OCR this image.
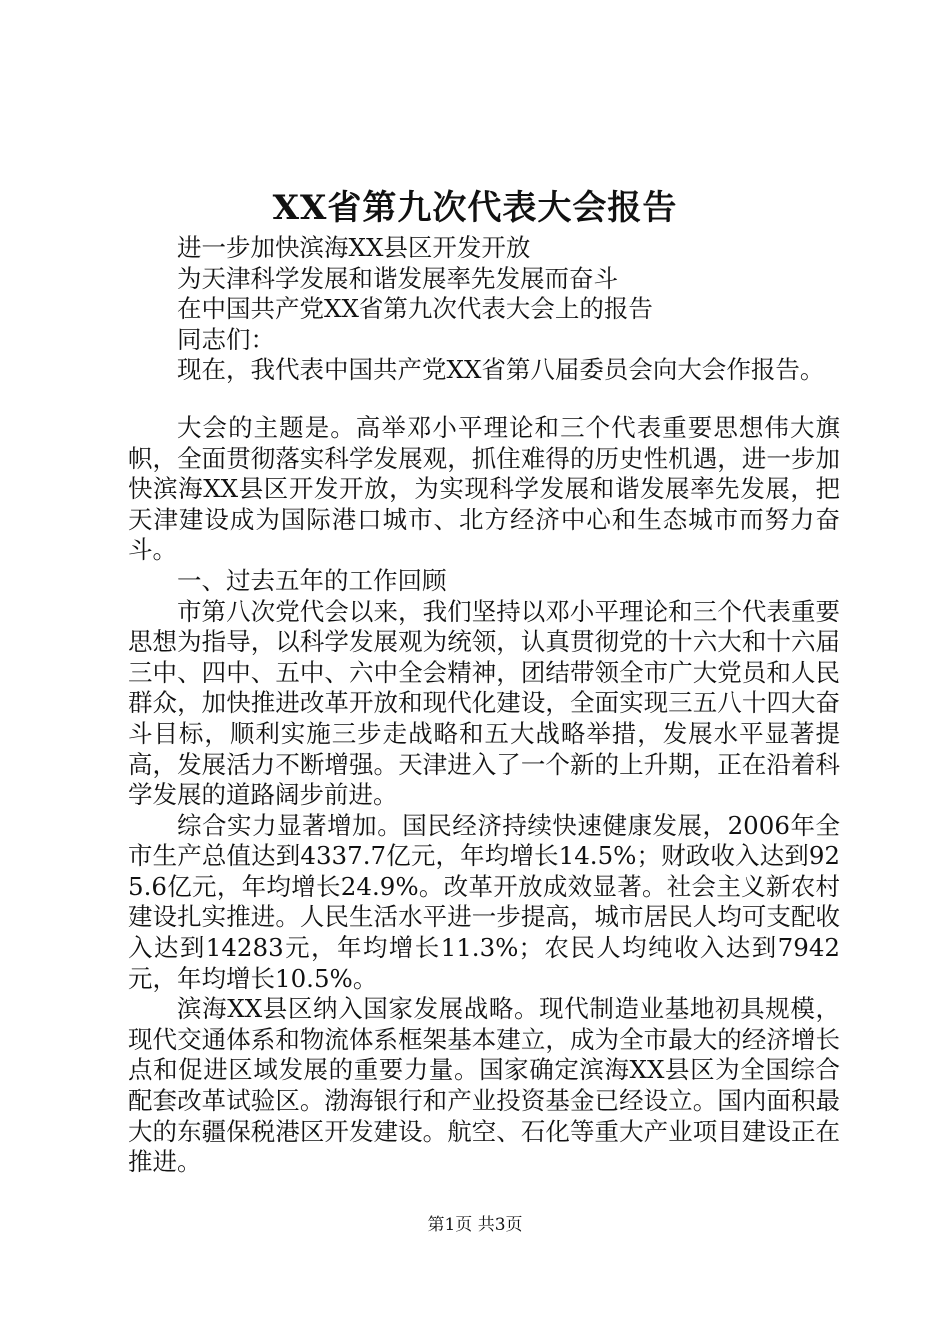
XX省第九次代表大会报告

进一步加快滨海XX县区开发开放

为天津科学发展和谐发展率先发展而奋斗

在中国共产党XX省第九次代表大会上的报告

同志们：

现在，我代表中国共产党XX省第八届委员会向大会作报告。

大会的主题是。高举邓小平理论和三个代表重要思想伟大旗帜，全面贯彻落实科学发展观，抓住难得的历史性机遇，进一步加快滨海XX县区开发开放，为实现科学发展和谐发展率先发展，把天津建设成为国际港口城市、北方经济中心和生态城市而努力奋斗。

一、过去五年的工作回顾

市第八次党代会以来，我们坚持以邓小平理论和三个代表重要思想为指导，以科学发展观为统领，认真贯彻党的十六大和十六届三中、四中、五中、六中全会精神，团结带领全市广大党员和人民群众，加快推进改革开放和现代化建设，全面实现三五八十四大奋斗目标，顺利实施三步走战略和五大战略举措，发展水平显著提高，发展活力不断增强。天津进入了一个新的上升期，正在沿着科学发展的道路阔步前进。

综合实力显著增加。国民经济持续快速健康发展，2006年全市生产总值达到4337.7亿元，年均增长14.5%；财政收入达到925.6亿元，年均增长24.9%。改革开放成效显著。社会主义新农村建设扎实推进。人民生活水平进一步提高，城市居民人均可支配收入达到14283元，年均增长11.3%；农民人均纯收入达到7942元，年均增长10.5%。

滨海XX县区纳入国家发展战略。现代制造业基地初具规模，现代交通体系和物流体系框架基本建立，成为全市最大的经济增长点和促进区域发展的重要力量。国家确定滨海XX县区为全国综合配套改革试验区。渤海银行和产业投资基金已经设立。国内面积最大的东疆保税港区开发建设。航空、石化等重大产业项目建设正在推进。

第1页 共3页
